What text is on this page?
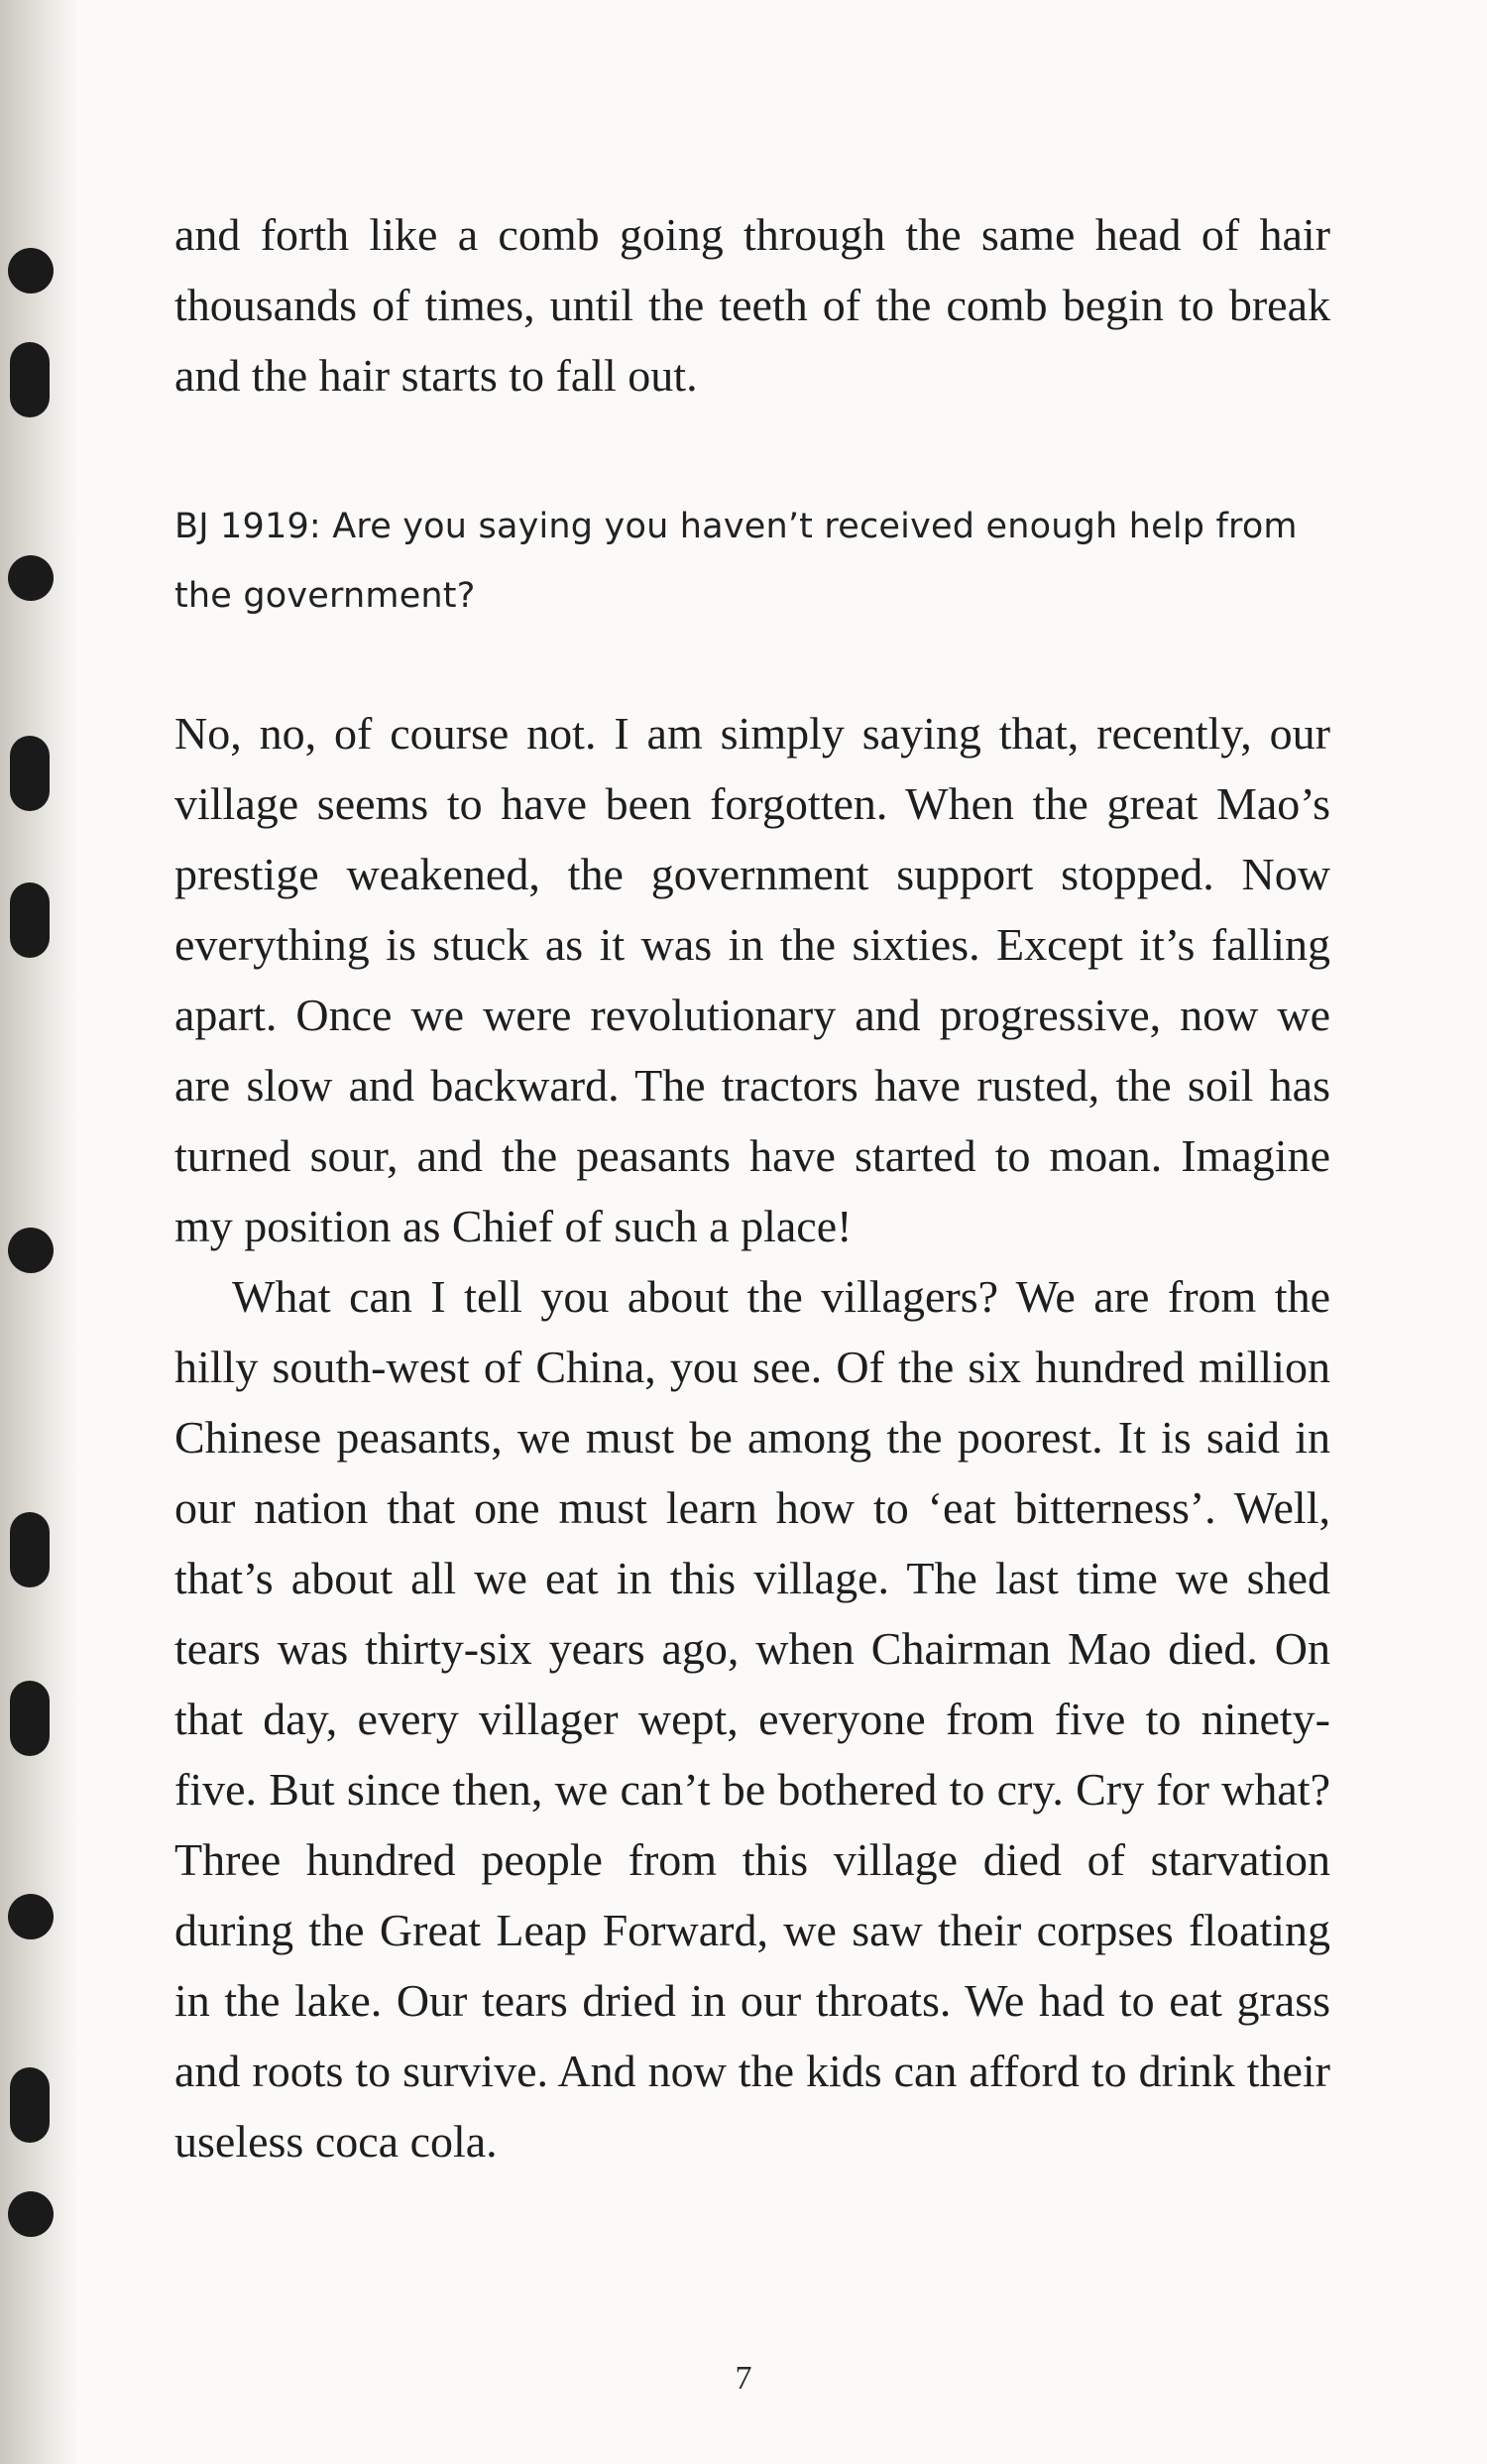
and forth like a comb going through the same head of hair thousands of times, until the teeth of the comb begin to break and the hair starts to fall out.

BJ 1919: Are you saying you haven’t received enough help from the government?

No, no, of course not. I am simply saying that, recently, our village seems to have been forgotten. When the great Mao’s prestige weakened, the government support stopped. Now everything is stuck as it was in the sixties. Except it’s falling apart. Once we were revolutionary and progressive, now we are slow and backward. The tractors have rusted, the soil has turned sour, and the peasants have started to moan. Imagine my position as Chief of such a place!

What can I tell you about the villagers? We are from the hilly south-west of China, you see. Of the six hundred million Chinese peasants, we must be among the poorest. It is said in our nation that one must learn how to ‘eat bitterness’. Well, that’s about all we eat in this village. The last time we shed tears was thirty-six years ago, when Chairman Mao died. On that day, every villager wept, everyone from five to ninety-five. But since then, we can’t be bothered to cry. Cry for what? Three hundred people from this village died of starvation during the Great Leap Forward, we saw their corpses floating in the lake. Our tears dried in our throats. We had to eat grass and roots to survive. And now the kids can afford to drink their useless coca cola.

7
